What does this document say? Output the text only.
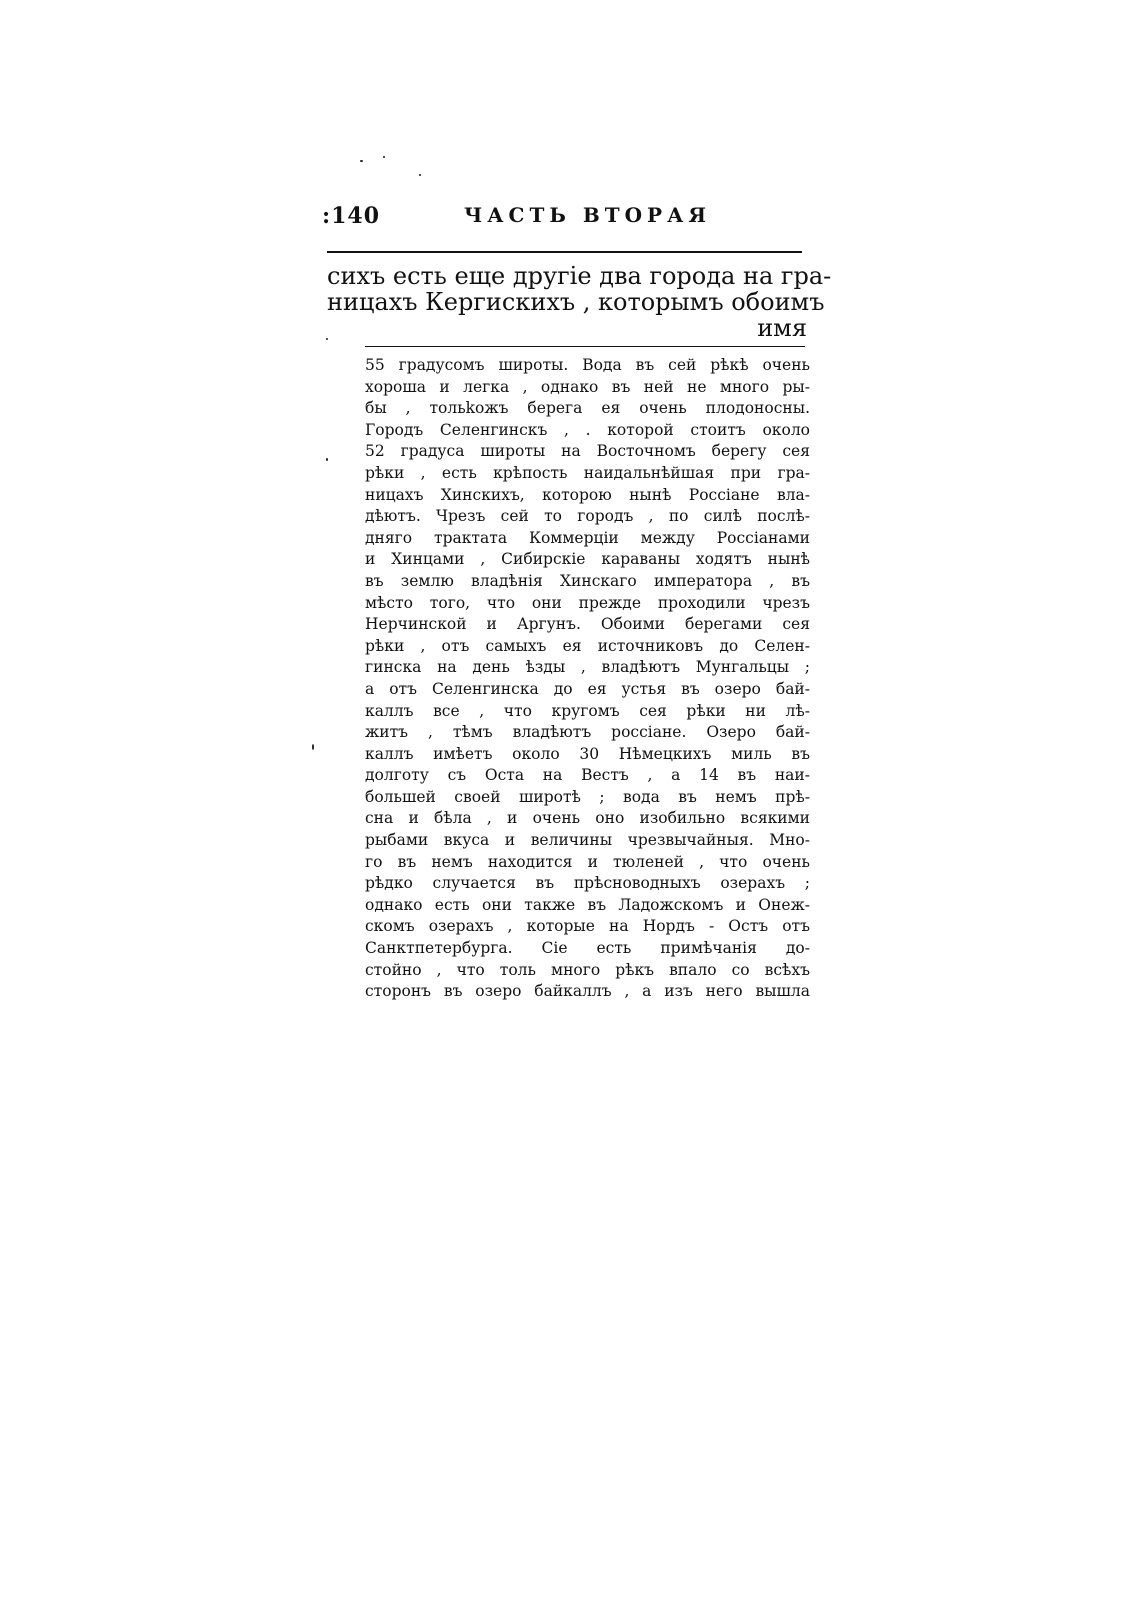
:140	ЧАСТЬ ВТОРАЯ
сихъ есть еще другіе два города на гра-
ницахъ Кергискихъ , которымъ обоимъ
имя
55 градусомъ широты. Вода въ сей рѣкѣ очень
хороша и легка , однако въ ней не много ры-
бы , тольkожъ берега ея очень плодоносны.
Городъ Селенгинскъ , . которой стоитъ около
52 градуса широты на Восточномъ берегу сея
рѣки , есть крѣпость наидальнѣйшая при гра-
ницахъ Хинскихъ, которою нынѣ Россіане вла-
дѣютъ. Чрезъ сей то городъ , по силѣ послѣ-
дняго трактата Коммерціи между Россіанами
и Хинцами , Сибирскіе караваны ходятъ нынѣ
въ землю владѣнія Хинскаго императора , въ
мѣсто того, что они прежде проходили чрезъ
Нерчинской и Аргунъ. Обоими берегами сея
рѣки , отъ самыхъ ея источниковъ до Селен-
гинска на день ѣзды , владѣютъ Мунгальцы ;
а отъ Селенгинска до ея устья въ озеро бай-
каллъ все , что кругомъ сея рѣки ни лѣ-
житъ , тѣмъ владѣютъ россіане. Озеро бай-
каллъ имѣетъ около 30 Нѣмецкихъ миль въ
долготу съ Оста на Вестъ , а 14 въ наи-
большей своей широтѣ ; вода въ немъ прѣ-
сна и бѣла , и очень оно изобильно всякими
рыбами вкуса и величины чрезвычайныя. Мно-
го въ немъ находится и тюленей , что очень
рѣдко случается въ прѣсноводныхъ озерахъ ;
однако есть они также въ Ладожскомъ и Онеж-
скомъ озерахъ , которые на Нордъ - Остъ отъ
Санктпетербурга. Сіе есть примѣчанія до-
стойно , что толь много рѣкъ впало со всѣхъ
сторонъ въ озеро байкаллъ , а изъ него вышла
